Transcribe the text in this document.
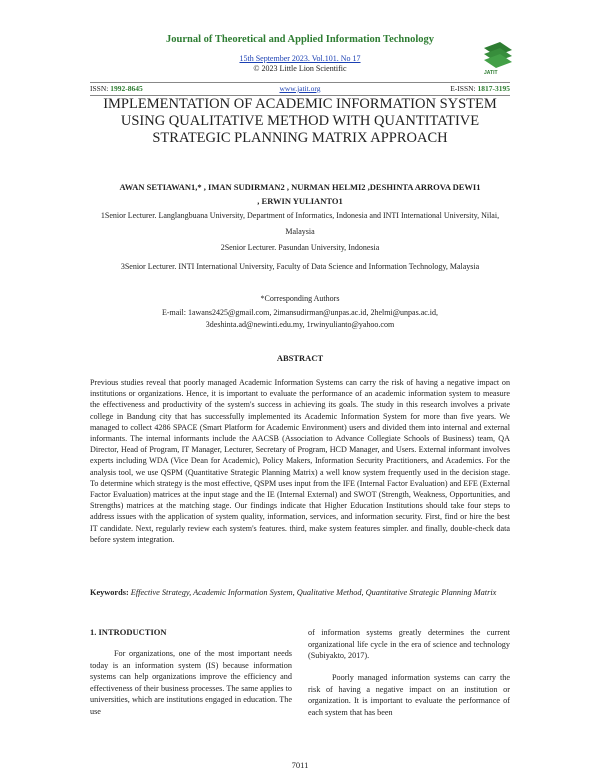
Journal of Theoretical and Applied Information Technology
15th September 2023. Vol.101. No 17
© 2023 Little Lion Scientific	JATIT
ISSN: 1992-8645	www.jatit.org	E-ISSN: 1817-3195
IMPLEMENTATION OF ACADEMIC INFORMATION SYSTEM USING QUALITATIVE METHOD WITH QUANTITATIVE STRATEGIC PLANNING MATRIX APPROACH
AWAN SETIAWAN1,* , IMAN SUDIRMAN2 , NURMAN HELMI2 ,DESHINTA ARROVA DEWI1
, ERWIN YULIANTO1
1Senior Lecturer. Langlangbuana University, Department of Informatics, Indonesia and INTI International University, Nilai, Malaysia
2Senior Lecturer. Pasundan University, Indonesia
3Senior Lecturer. INTI International University, Faculty of Data Science and Information Technology, Malaysia
*Corresponding Authors
E-mail: 1awans2425@gmail.com, 2imansudirman@unpas.ac.id, 2helmi@unpas.ac.id,
3deshinta.ad@newinti.edu.my, 1rwinyulianto@yahoo.com
ABSTRACT

Previous studies reveal that poorly managed Academic Information Systems can carry the risk of having a negative impact on institutions or organizations. Hence, it is important to evaluate the performance of an academic information system to measure the effectiveness and productivity of the system's success in achieving its goals. The study in this research involves a private college in Bandung city that has successfully implemented its Academic Information System for more than five years. We managed to collect 4286 SPACE (Smart Platform for Academic Environment) users and divided them into internal and external informants. The internal informants include the AACSB (Association to Advance Collegiate Schools of Business) team, QA Director, Head of Program, IT Manager, Lecturer, Secretary of Program, HCD Manager, and Users. External informant involves experts including WDA (Vice Dean for Academic), Policy Makers, Information Security Practitioners, and Academics. For the analysis tool, we use QSPM (Quantitative Strategic Planning Matrix) a well know system frequently used in the decision stage. To determine which strategy is the most effective, QSPM uses input from the IFE (Internal Factor Evaluation) and EFE (External Factor Evaluation) matrices at the input stage and the IE (Internal External) and SWOT (Strength, Weakness, Opportunities, and Strengths) matrices at the matching stage. Our findings indicate that Higher Education Institutions should take four steps to address issues with the application of system quality, information, services, and information security. First, find or hire the best IT candidate. Next, regularly review each system's features. third, make system features simpler. and finally, double-check data before system integration.

Keywords: Effective Strategy, Academic Information System, Qualitative Method, Quantitative Strategic Planning Matrix
1. INTRODUCTION

For organizations, one of the most important needs today is an information system (IS) because information systems can help organizations improve the efficiency and effectiveness of their business processes. The same applies to universities, which are institutions engaged in education. The use

of information systems greatly determines the current organizational life cycle in the era of science and technology (Subiyakto, 2017).

Poorly managed information systems can carry the risk of having a negative impact on an institution or organization. It is important to evaluate the performance of each system that has been

7011
